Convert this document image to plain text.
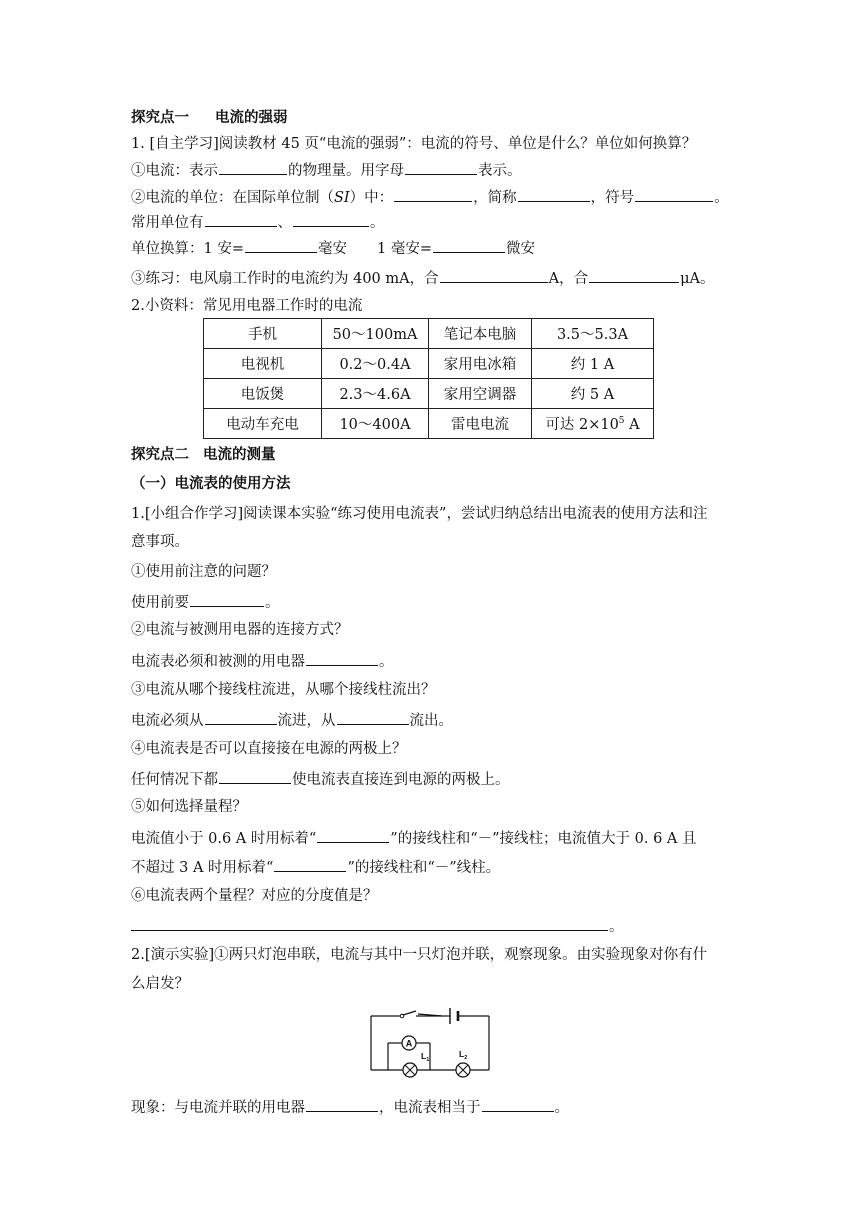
探究点一 电流的强弱
1. [自主学习]阅读教材 45 页“电流的强弱”：电流的符号、单位是什么？单位如何换算？
①电流：表示	的物理量。用字母	表示。
②电流的单位：在国际单位制（SI）中：	，简称	，符号	。
常用单位有	、	。
单位换算：1 安=	毫安 1 毫安=	微安
③练习：电风扇工作时的电流约为 400 mA，合	A，合	μA。
2.小资料：常见用电器工作时的电流
手机	50～100mA	笔记本电脑	3.5～5.3A
电视机	0.2～0.4A	家用电冰箱	约 1 A
电饭煲	2.3～4.6A	家用空调器	约 5 A
电动车充电	10～400A	雷电电流	可达 $2\times 10^5$ A
探究点二 电流的测量
（一）电流表的使用方法
1.[小组合作学习]阅读课本实验“练习使用电流表”，尝试归纳总结出电流表的使用方法和注
意事项。
①使用前注意的问题？
使用前要	。
②电流与被测用电器的连接方式？
电流表必须和被测的用电器	。
③电流从哪个接线柱流进，从哪个接线柱流出？
电流必须从	流进，从	流出。
④电流表是否可以直接接在电源的两极上？
任何情况下都	使电流表直接连到电源的两极上。
⑤如何选择量程？
电流值小于 0.6 A 时用标着“	”的接线柱和“－”接线柱；电流值大于 0. 6 A 且
不超过 3 A 时用标着“	”的接线柱和“－”线柱。
⑥电流表两个量程？对应的分度值是？
。
2.[演示实验]①两只灯泡串联，电流与其中一只灯泡并联，观察现象。由实验现象对你有什
么启发？
A
$L_1$
$L_2$
现象：与电流并联的用电器	，电流表相当于	。
